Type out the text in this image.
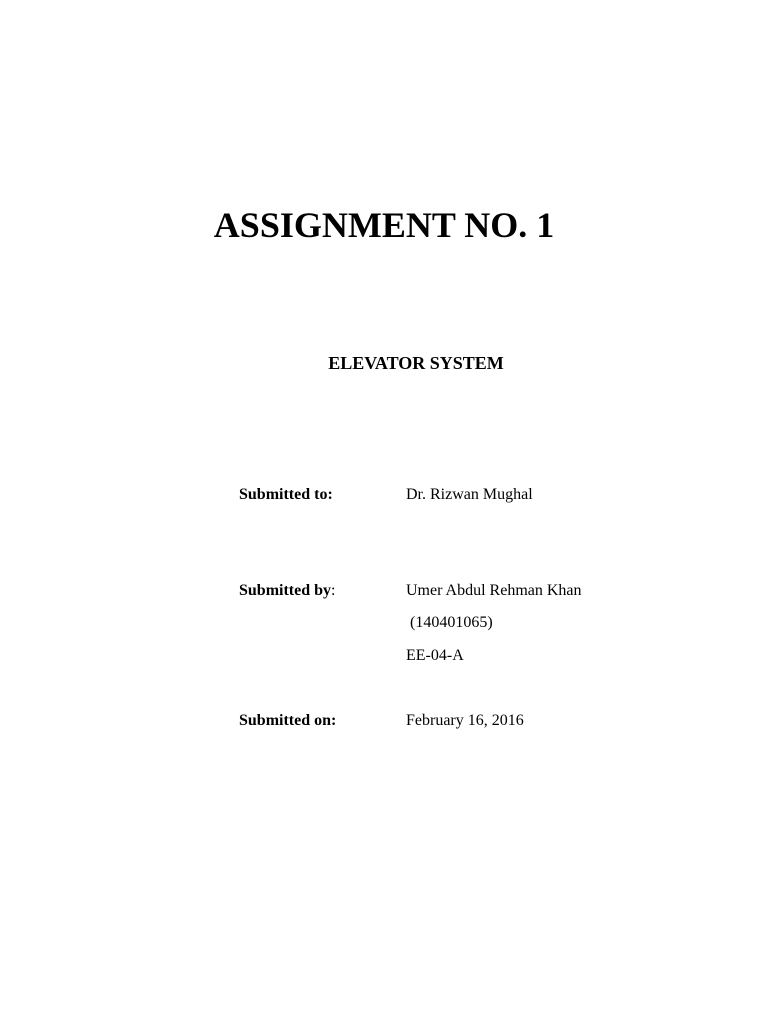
ASSIGNMENT NO. 1
ELEVATOR SYSTEM
Submitted to:	Dr. Rizwan Mughal
Submitted by:	Umer Abdul Rehman Khan
(140401065)
EE-04-A
Submitted on:	February 16, 2016
